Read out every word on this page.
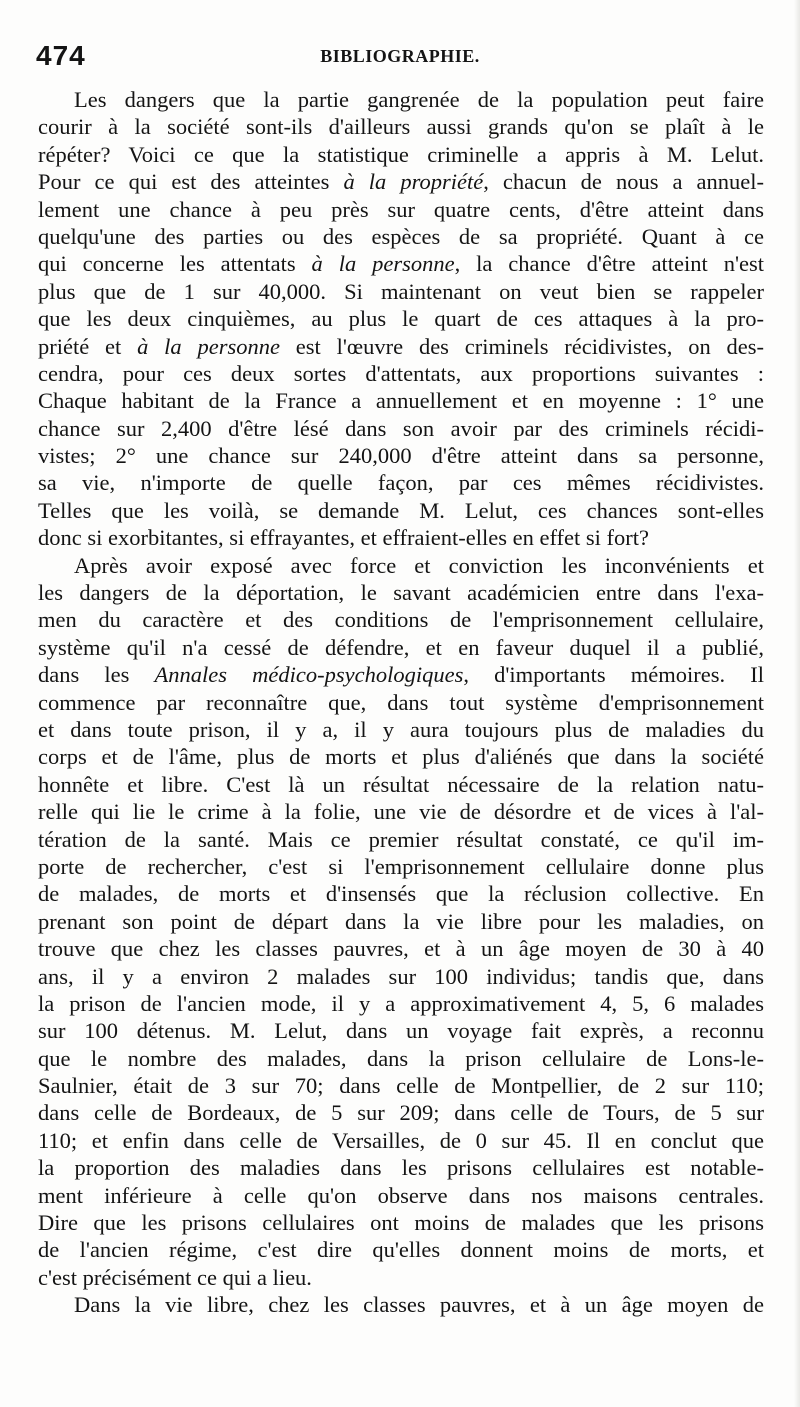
474	BIBLIOGRAPHIE.
Les dangers que la partie gangrenée de la population peut faire
courir à la société sont-ils d'ailleurs aussi grands qu'on se plaît à le
répéter? Voici ce que la statistique criminelle a appris à M. Lelut.
Pour ce qui est des atteintes à la propriété, chacun de nous a annuel-
lement une chance à peu près sur quatre cents, d'être atteint dans
quelqu'une des parties ou des espèces de sa propriété. Quant à ce
qui concerne les attentats à la personne, la chance d'être atteint n'est
plus que de 1 sur 40,000. Si maintenant on veut bien se rappeler
que les deux cinquièmes, au plus le quart de ces attaques à la pro-
priété et à la personne est l'œuvre des criminels récidivistes, on des-
cendra, pour ces deux sortes d'attentats, aux proportions suivantes :
Chaque habitant de la France a annuellement et en moyenne : 1° une
chance sur 2,400 d'être lésé dans son avoir par des criminels récidi-
vistes; 2° une chance sur 240,000 d'être atteint dans sa personne,
sa vie, n'importe de quelle façon, par ces mêmes récidivistes.
Telles que les voilà, se demande M. Lelut, ces chances sont-elles
donc si exorbitantes, si effrayantes, et effraient-elles en effet si fort?
Après avoir exposé avec force et conviction les inconvénients et
les dangers de la déportation, le savant académicien entre dans l'exa-
men du caractère et des conditions de l'emprisonnement cellulaire,
système qu'il n'a cessé de défendre, et en faveur duquel il a publié,
dans les Annales médico-psychologiques, d'importants mémoires. Il
commence par reconnaître que, dans tout système d'emprisonnement
et dans toute prison, il y a, il y aura toujours plus de maladies du
corps et de l'âme, plus de morts et plus d'aliénés que dans la société
honnête et libre. C'est là un résultat nécessaire de la relation natu-
relle qui lie le crime à la folie, une vie de désordre et de vices à l'al-
tération de la santé. Mais ce premier résultat constaté, ce qu'il im-
porte de rechercher, c'est si l'emprisonnement cellulaire donne plus
de malades, de morts et d'insensés que la réclusion collective. En
prenant son point de départ dans la vie libre pour les maladies, on
trouve que chez les classes pauvres, et à un âge moyen de 30 à 40
ans, il y a environ 2 malades sur 100 individus; tandis que, dans
la prison de l'ancien mode, il y a approximativement 4, 5, 6 malades
sur 100 détenus. M. Lelut, dans un voyage fait exprès, a reconnu
que le nombre des malades, dans la prison cellulaire de Lons-le-
Saulnier, était de 3 sur 70; dans celle de Montpellier, de 2 sur 110;
dans celle de Bordeaux, de 5 sur 209; dans celle de Tours, de 5 sur
110; et enfin dans celle de Versailles, de 0 sur 45. Il en conclut que
la proportion des maladies dans les prisons cellulaires est notable-
ment inférieure à celle qu'on observe dans nos maisons centrales.
Dire que les prisons cellulaires ont moins de malades que les prisons
de l'ancien régime, c'est dire qu'elles donnent moins de morts, et
c'est précisément ce qui a lieu.
Dans la vie libre, chez les classes pauvres, et à un âge moyen de
